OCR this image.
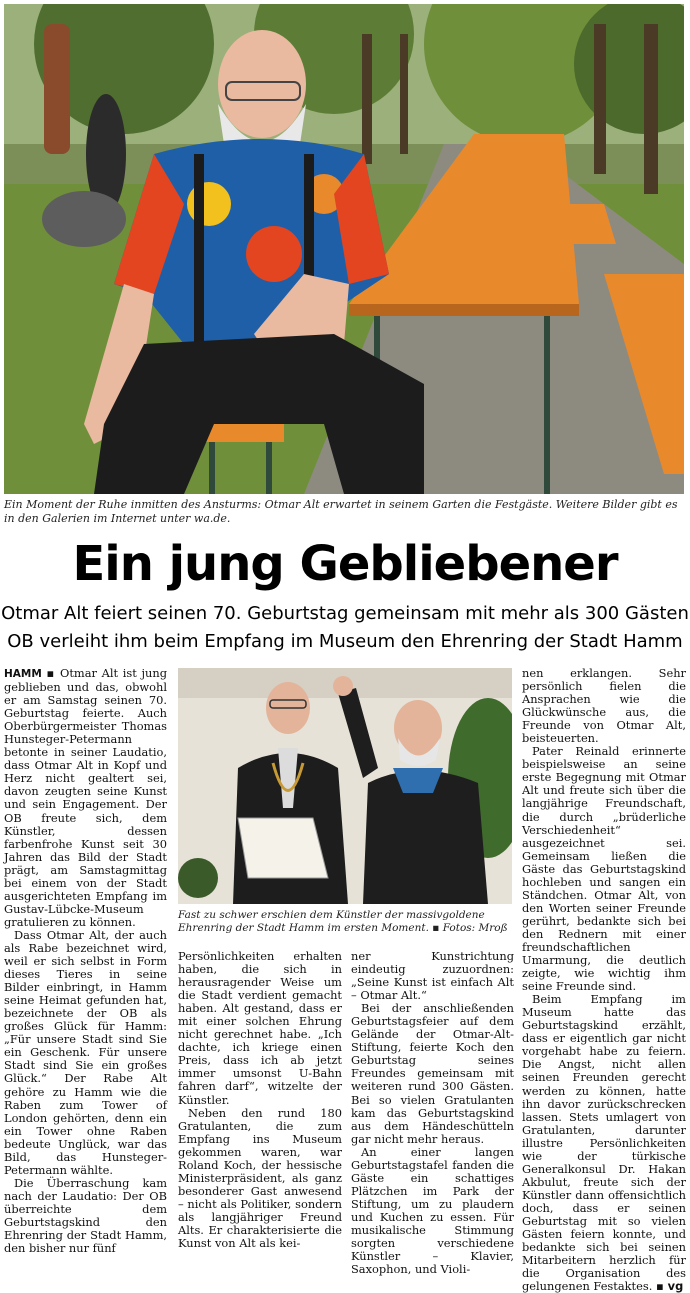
Ein Moment der Ruhe inmitten des Ansturms: Otmar Alt erwartet in seinem Garten die Festgäste. Weitere Bilder gibt es in den Galerien im Internet unter wa.de.
Ein jung Gebliebener
Otmar Alt feiert seinen 70. Geburtstag gemeinsam mit mehr als 300 Gästen
OB verleiht ihm beim Empfang im Museum den Ehrenring der Stadt Hamm

HAMM ▪ Otmar Alt ist jung geblieben und das, obwohl er am Samstag seinen 70. Geburtstag feierte. Auch Oberbürgermeister Thomas Hunsteger-Petermann betonte in seiner Laudatio, dass Otmar Alt in Kopf und Herz nicht gealtert sei, davon zeugten seine Kunst und sein Engagement. Der OB freute sich, dem Künstler, dessen farbenfrohe Kunst seit 30 Jahren das Bild der Stadt prägt, am Samstagmittag bei einem von der Stadt ausgerichteten Empfang im Gustav-Lübcke-Museum gratulieren zu können.

Dass Otmar Alt, der auch als Rabe bezeichnet wird, weil er sich selbst in Form dieses Tieres in seine Bilder einbringt, in Hamm seine Heimat gefunden hat, bezeichnete der OB als großes Glück für Hamm: „Für unsere Stadt sind Sie ein Geschenk. Für unsere Stadt sind Sie ein großes Glück.“ Der Rabe Alt gehöre zu Hamm wie die Raben zum Tower of London gehörten, denn ein ein Tower ohne Raben bedeute Unglück, war das Bild, das Hunsteger-Petermann wählte.

Die Überraschung kam nach der Laudatio: Der OB überreichte dem Geburtstagskind den Ehrenring der Stadt Hamm, den bisher nur fünf

Fast zu schwer erschien dem Künstler der massivgoldene Ehrenring der Stadt Hamm im ersten Moment. ▪ Fotos: Mroß

Persönlichkeiten erhalten haben, die sich in herausragender Weise um die Stadt verdient gemacht haben. Alt gestand, dass er mit einer solchen Ehrung nicht gerechnet habe. „Ich dachte, ich kriege einen Preis, dass ich ab jetzt immer umsonst U-Bahn fahren darf“, witzelte der Künstler.

Neben den rund 180 Gratulanten, die zum Empfang ins Museum gekommen waren, war Roland Koch, der hessische Ministerpräsident, als ganz besonderer Gast anwesend – nicht als Politiker, sondern als langjähriger Freund Alts. Er charakterisierte die Kunst von Alt als kei-

ner Kunstrichtung eindeutig zuzuordnen: „Seine Kunst ist einfach Alt – Otmar Alt.“

Bei der anschließenden Geburtstagsfeier auf dem Gelände der Otmar-Alt-Stiftung, feierte Koch den Geburtstag seines Freundes gemeinsam mit weiteren rund 300 Gästen. Bei so vielen Gratulanten kam das Geburtstagskind aus dem Händeschütteln gar nicht mehr heraus.

An einer langen Geburtstagstafel fanden die Gäste ein schattiges Plätzchen im Park der Stiftung, um zu plaudern und Kuchen zu essen. Für musikalische Stimmung sorgten verschiedene Künstler – Klavier, Saxophon, und Violi-

nen erklangen. Sehr persönlich fielen die Ansprachen wie die Glückwünsche aus, die Freunde von Otmar Alt, beisteuerten.

Pater Reinald erinnerte beispielsweise an seine erste Begegnung mit Otmar Alt und freute sich über die langjährige Freundschaft, die durch „brüderliche Verschiedenheit“ ausgezeichnet sei. Gemeinsam ließen die Gäste das Geburtstagskind hochleben und sangen ein Ständchen. Otmar Alt, von den Worten seiner Freunde gerührt, bedankte sich bei den Rednern mit einer freundschaftlichen Umarmung, die deutlich zeigte, wie wichtig ihm seine Freunde sind.

Beim Empfang im Museum hatte das Geburtstagskind erzählt, dass er eigentlich gar nicht vorgehabt habe zu feiern. Die Angst, nicht allen seinen Freunden gerecht werden zu können, hatte ihn davor zurückschrecken lassen. Stets umlagert von Gratulanten, darunter illustre Persönlichkeiten wie der türkische Generalkonsul Dr. Hakan Akbulut, freute sich der Künstler dann offensichtlich doch, dass er seinen Geburtstag mit so vielen Gästen feiern konnte, und bedankte sich bei seinen Mitarbeitern herzlich für die Organisation des gelungenen Festaktes. ▪ vg
